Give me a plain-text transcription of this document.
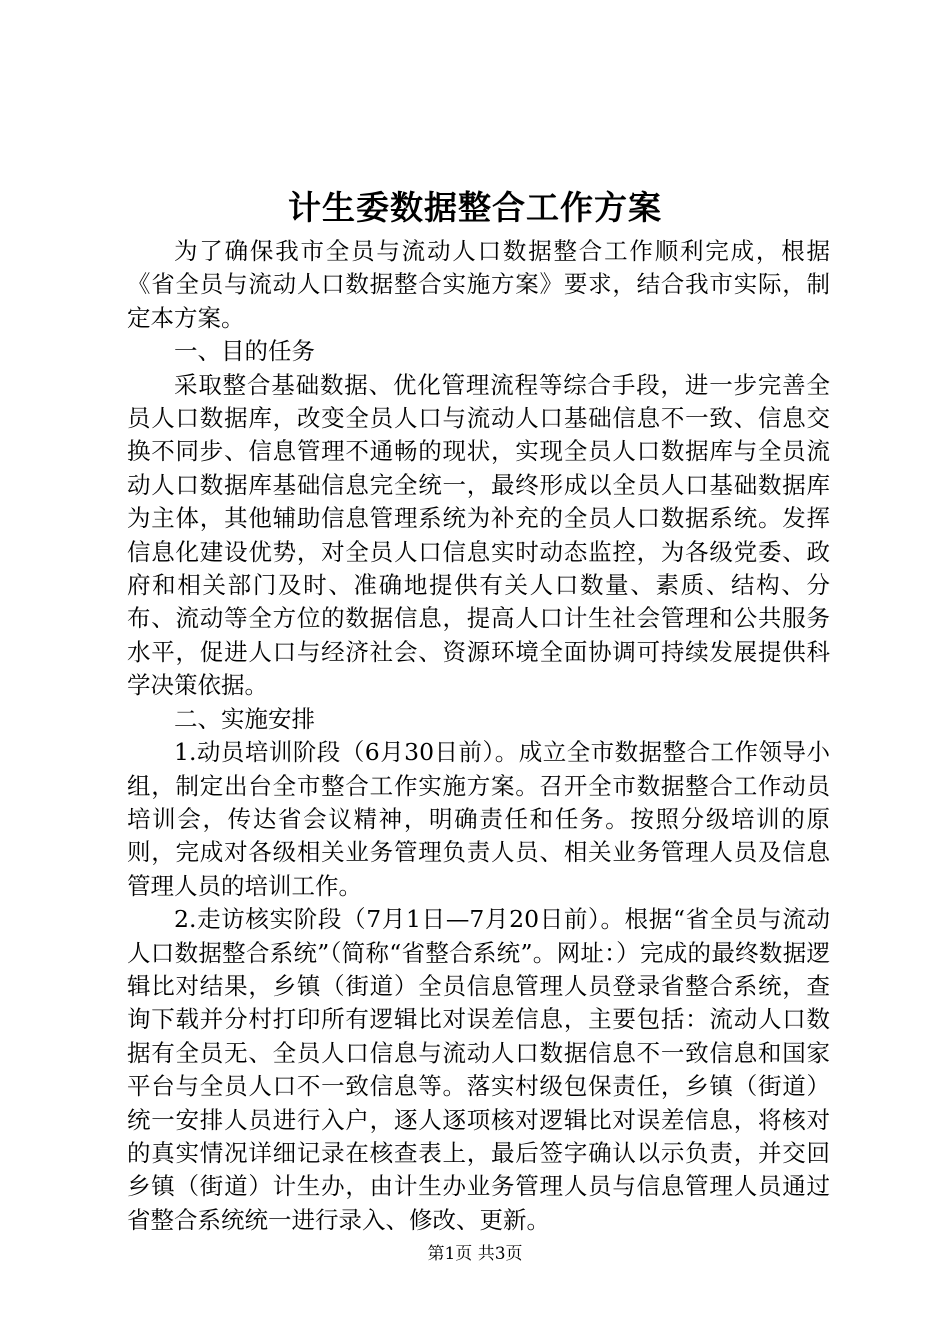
计生委数据整合工作方案

为了确保我市全员与流动人口数据整合工作顺利完成，根据《省全员与流动人口数据整合实施方案》要求，结合我市实际，制定本方案。

一、目的任务

采取整合基础数据、优化管理流程等综合手段，进一步完善全员人口数据库，改变全员人口与流动人口基础信息不一致、信息交换不同步、信息管理不通畅的现状，实现全员人口数据库与全员流动人口数据库基础信息完全统一，最终形成以全员人口基础数据库为主体，其他辅助信息管理系统为补充的全员人口数据系统。发挥信息化建设优势，对全员人口信息实时动态监控，为各级党委、政府和相关部门及时、准确地提供有关人口数量、素质、结构、分布、流动等全方位的数据信息，提高人口计生社会管理和公共服务水平，促进人口与经济社会、资源环境全面协调可持续发展提供科学决策依据。

二、实施安排

1.动员培训阶段（6月30日前）。成立全市数据整合工作领导小组，制定出台全市整合工作实施方案。召开全市数据整合工作动员培训会，传达省会议精神，明确责任和任务。按照分级培训的原则，完成对各级相关业务管理负责人员、相关业务管理人员及信息管理人员的培训工作。

2.走访核实阶段（7月1日—7月20日前）。根据“省全员与流动人口数据整合系统”（简称“省整合系统”。网址：）完成的最终数据逻辑比对结果，乡镇（街道）全员信息管理人员登录省整合系统，查询下载并分村打印所有逻辑比对误差信息，主要包括：流动人口数据有全员无、全员人口信息与流动人口数据信息不一致信息和国家平台与全员人口不一致信息等。落实村级包保责任，乡镇（街道）统一安排人员进行入户，逐人逐项核对逻辑比对误差信息，将核对的真实情况详细记录在核查表上，最后签字确认以示负责，并交回乡镇（街道）计生办，由计生办业务管理人员与信息管理人员通过省整合系统统一进行录入、修改、更新。

第1页 共3页
